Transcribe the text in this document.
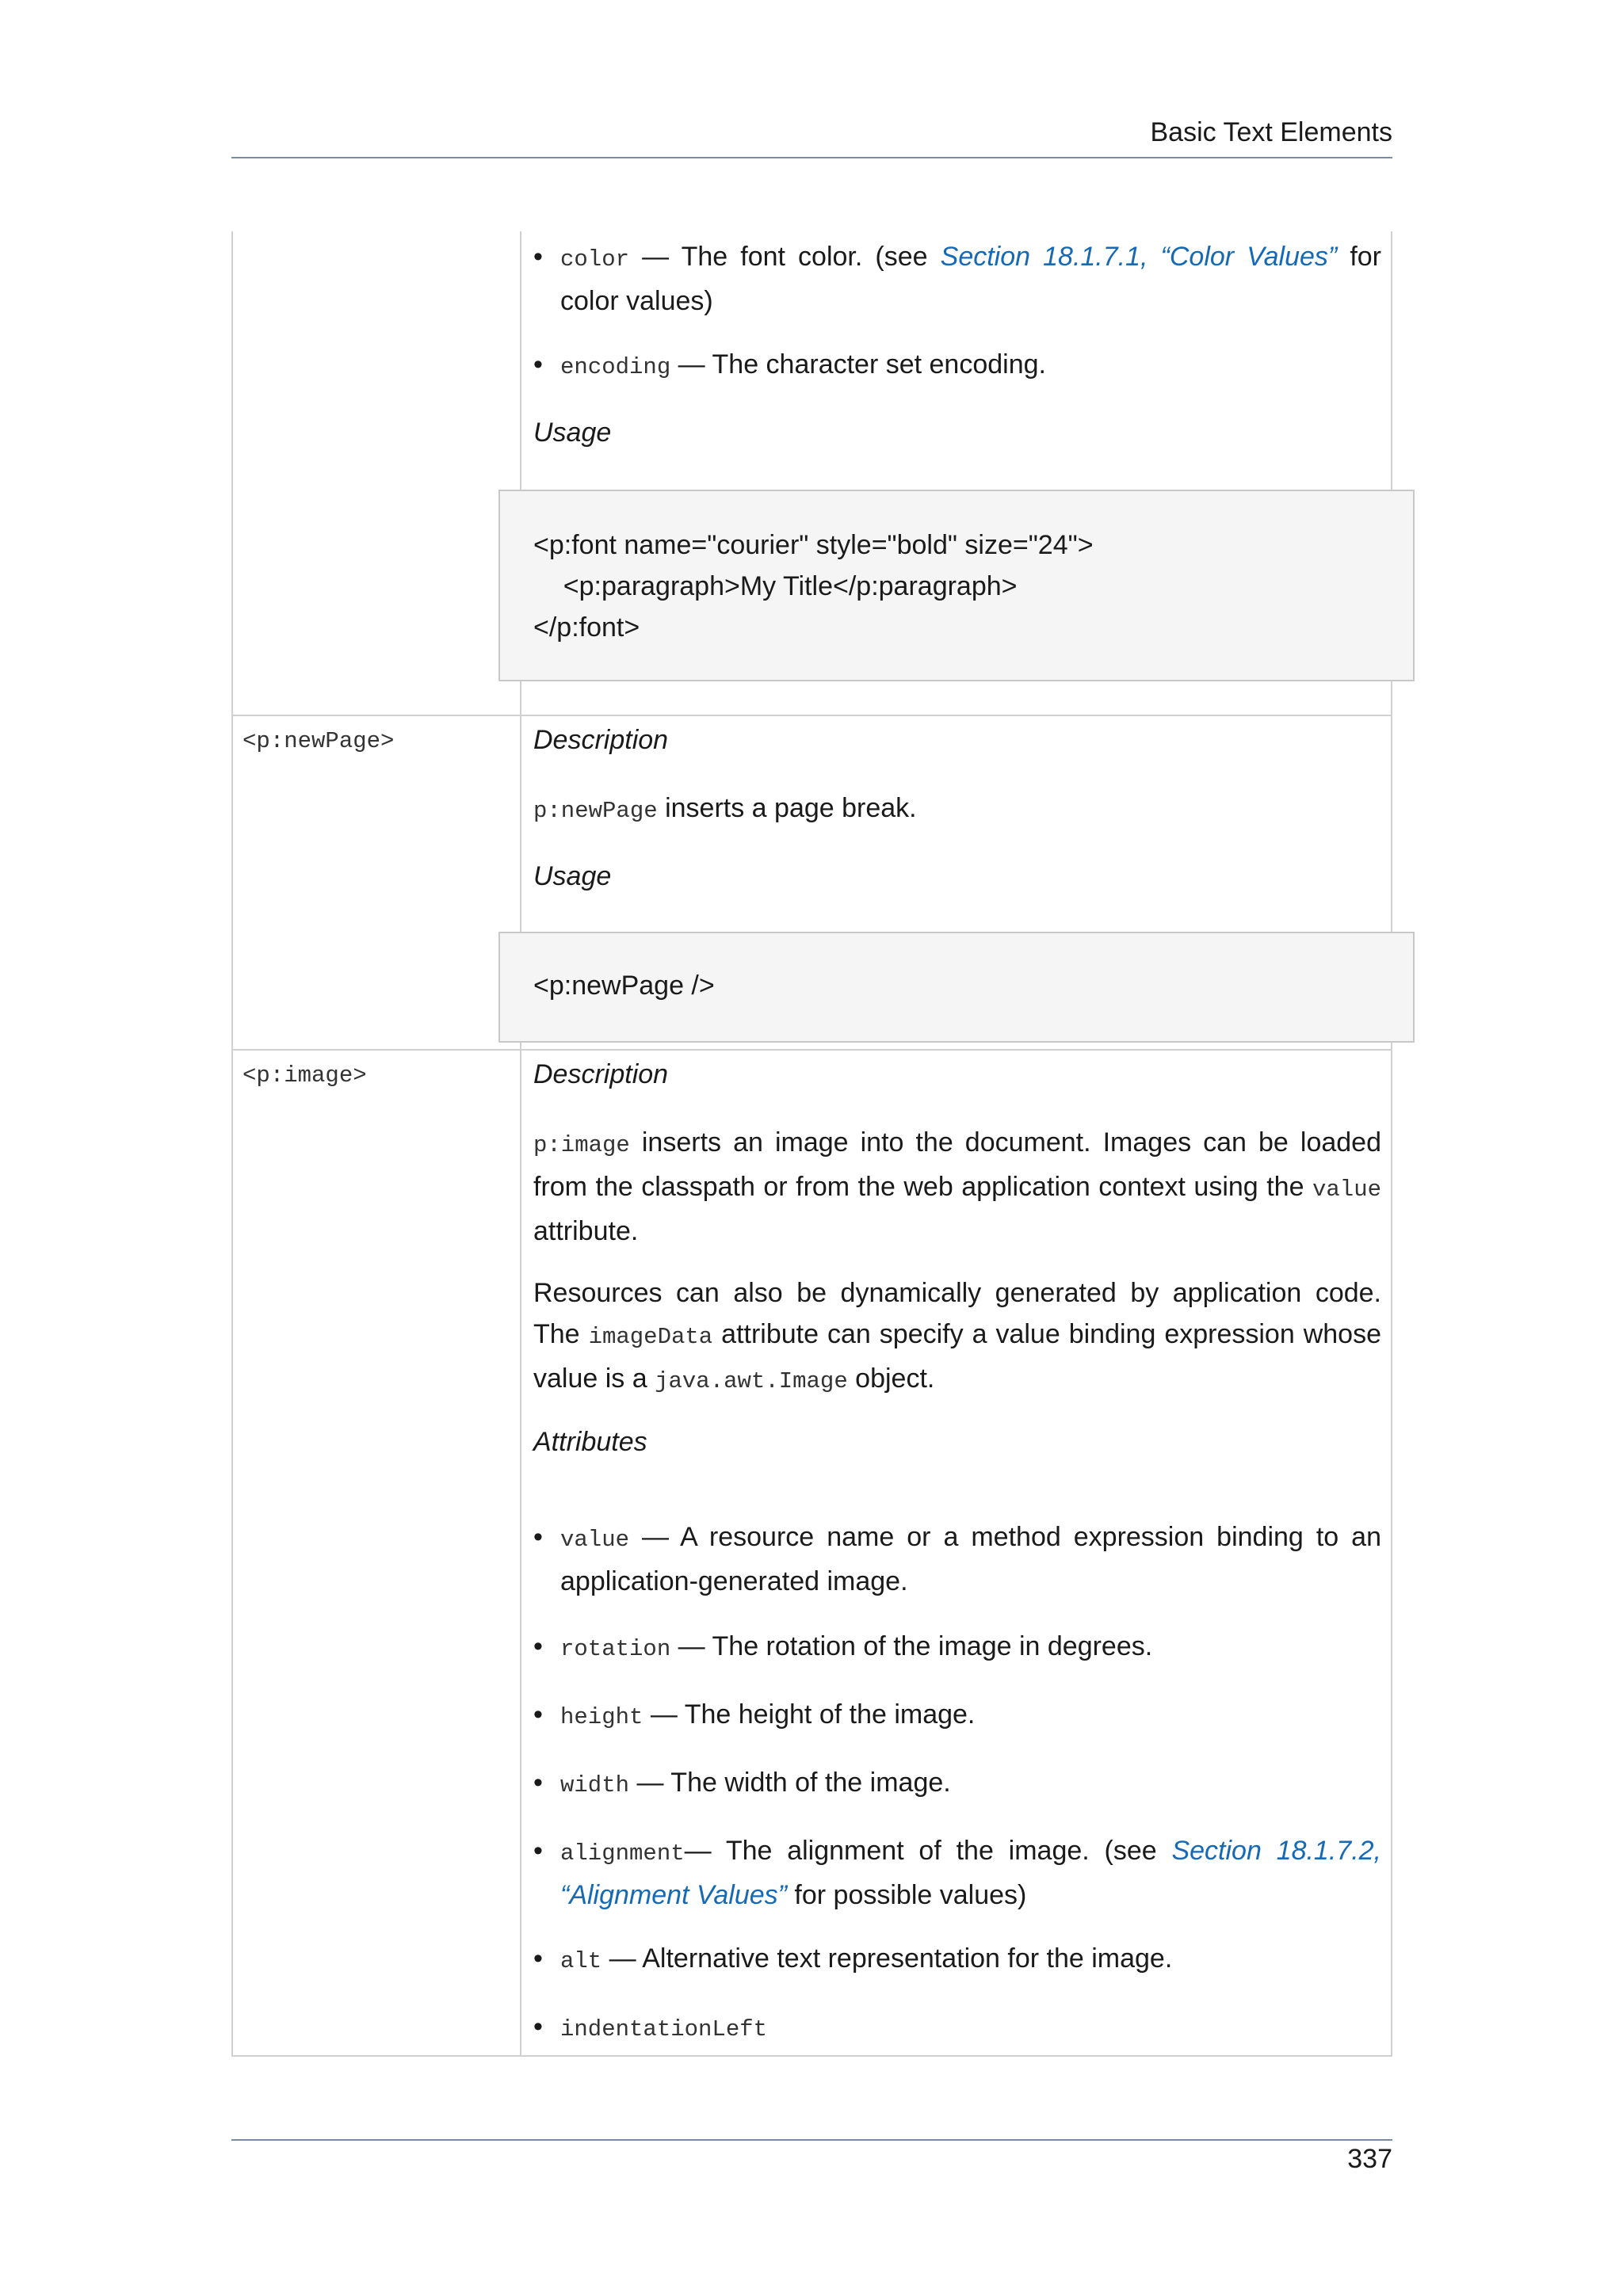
Basic Text Elements
• color — The font color. (see Section 18.1.7.1, “Color Values” for color values)
• encoding — The character set encoding.
Usage
<p:font name="courier" style="bold" size="24">
<p:paragraph>My Title</p:paragraph>
</p:font>
<p:newPage>	Description
p:newPage inserts a page break.
Usage
<p:newPage />
<p:image>	Description
p:image inserts an image into the document. Images can be loaded from the classpath or from the web application context using the value attribute.
Resources can also be dynamically generated by application code. The imageData attribute can specify a value binding expression whose value is a java.awt.Image object.
Attributes
• value — A resource name or a method expression binding to an application-generated image.
• rotation — The rotation of the image in degrees.
• height — The height of the image.
• width — The width of the image.
• alignment— The alignment of the image. (see Section 18.1.7.2, “Alignment Values” for possible values)
• alt — Alternative text representation for the image.
• indentationLeft
337
